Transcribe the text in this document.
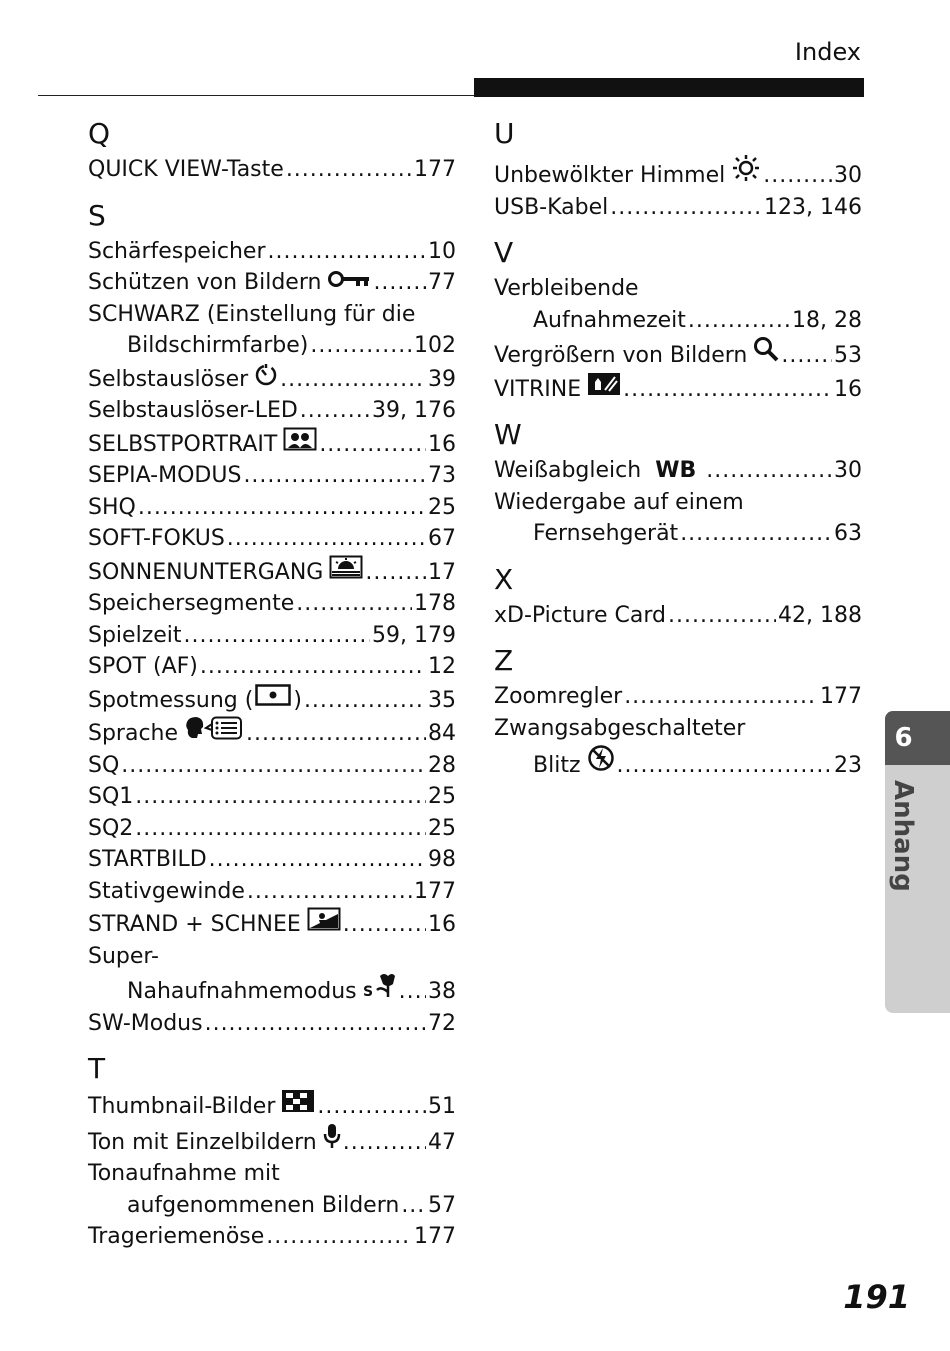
Index
Q
QUICK VIEW-Taste .....	177
S
Schärfespeicher .....	10
Schützen von Bildern .....	77
SCHWARZ (Einstellung für die
Bildschirmfarbe) .....	102
Selbstauslöser .....	39
Selbstauslöser-LED .....	39, 176
SELBSTPORTRAIT .....	16
SEPIA-MODUS .....	73
SHQ .....	25
SOFT-FOKUS .....	67
SONNENUNTERGANG .....	17
Speichersegmente .....	178
Spielzeit .....	59, 179
SPOT (AF) .....	12
Spotmessung ( ) .....	35
Sprache .....	84
SQ .....	28
SQ1 .....	25
SQ2 .....	25
STARTBILD .....	98
Stativgewinde .....	177
STRAND + SCHNEE .....	16
Super-
Nahaufnahmemodus S .....	38
SW-Modus .....	72
T
Thumbnail-Bilder .....	51
Ton mit Einzelbildern .....	47
Tonaufnahme mit
aufgenommenen Bildern ..... 57
Trageriemenöse .....	177
U
Unbewölkter Himmel .....	30
USB-Kabel .....	123, 146
V
Verbleibende
Aufnahmezeit .....	18, 28
Vergrößern von Bildern .....	53
VITRINE .....	16
W
Weißabgleich WB .....	30
Wiedergabe auf einem
Fernsehgerät .....	63
X
xD-Picture Card .....	42, 188
Z
Zoomregler .....	177
Zwangsabgeschalteter
Blitz .....	23
6
Anhang
191
